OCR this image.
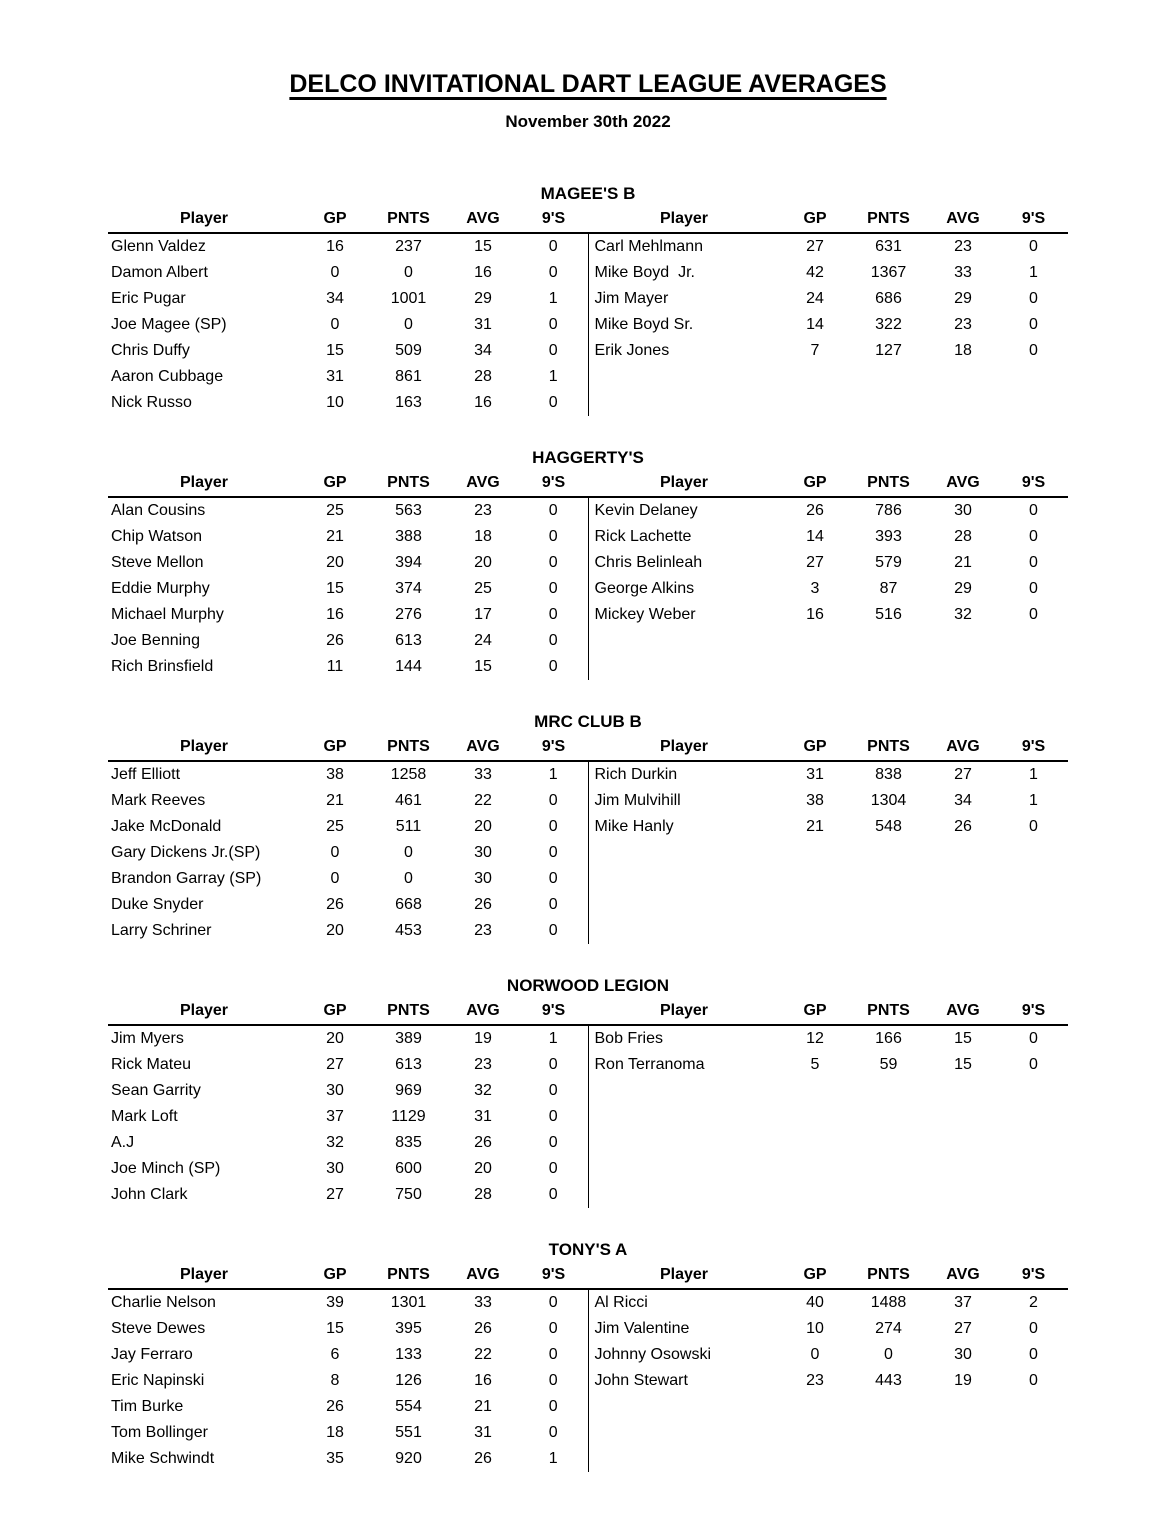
DELCO INVITATIONAL DART LEAGUE AVERAGES
November 30th 2022
MAGEE'S B
Player	GP	PNTS	AVG	9'S	Player	GP	PNTS	AVG	9'S
Glenn Valdez	16	237	15	0	Carl Mehlmann	27	631	23	0
Damon Albert	0	0	16	0	Mike Boyd  Jr.	42	1367	33	1
Eric Pugar	34	1001	29	1	Jim Mayer	24	686	29	0
Joe Magee (SP)	0	0	31	0	Mike Boyd Sr.	14	322	23	0
Chris Duffy	15	509	34	0	Erik Jones	7	127	18	0
Aaron Cubbage	31	861	28	1					
Nick Russo	10	163	16	0					
HAGGERTY'S
Player	GP	PNTS	AVG	9'S	Player	GP	PNTS	AVG	9'S
Alan Cousins	25	563	23	0	Kevin Delaney	26	786	30	0
Chip Watson	21	388	18	0	Rick Lachette	14	393	28	0
Steve Mellon	20	394	20	0	Chris Belinleah	27	579	21	0
Eddie Murphy	15	374	25	0	George Alkins	3	87	29	0
Michael Murphy	16	276	17	0	Mickey Weber	16	516	32	0
Joe Benning	26	613	24	0					
Rich Brinsfield	11	144	15	0					
MRC CLUB B
Player	GP	PNTS	AVG	9'S	Player	GP	PNTS	AVG	9'S
Jeff Elliott	38	1258	33	1	Rich Durkin	31	838	27	1
Mark Reeves	21	461	22	0	Jim Mulvihill	38	1304	34	1
Jake McDonald	25	511	20	0	Mike Hanly	21	548	26	0
Gary Dickens Jr.(SP)	0	0	30	0					
Brandon Garray (SP)	0	0	30	0					
Duke Snyder	26	668	26	0					
Larry Schriner	20	453	23	0					
NORWOOD LEGION
Player	GP	PNTS	AVG	9'S	Player	GP	PNTS	AVG	9'S
Jim Myers	20	389	19	1	Bob Fries	12	166	15	0
Rick Mateu	27	613	23	0	Ron Terranoma	5	59	15	0
Sean Garrity	30	969	32	0					
Mark Loft	37	1129	31	0					
A.J	32	835	26	0					
Joe Minch (SP)	30	600	20	0					
John Clark	27	750	28	0					
TONY'S A
Player	GP	PNTS	AVG	9'S	Player	GP	PNTS	AVG	9'S
Charlie Nelson	39	1301	33	0	Al Ricci	40	1488	37	2
Steve Dewes	15	395	26	0	Jim Valentine	10	274	27	0
Jay Ferraro	6	133	22	0	Johnny Osowski	0	0	30	0
Eric Napinski	8	126	16	0	John Stewart	23	443	19	0
Tim Burke	26	554	21	0					
Tom Bollinger	18	551	31	0					
Mike Schwindt	35	920	26	1					
